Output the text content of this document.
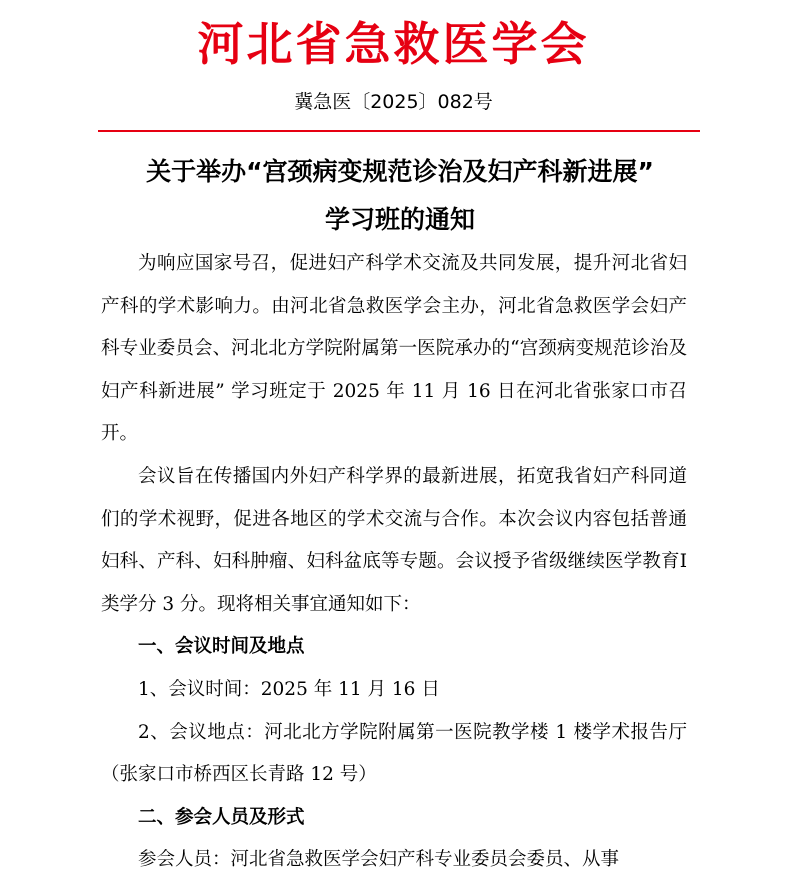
河北省急救医学会
冀急医〔2025〕082号
关于举办“宫颈病变规范诊治及妇产科新进展”
学习班的通知

为响应国家号召，促进妇产科学术交流及共同发展，提升河北省妇产科的学术影响力。由河北省急救医学会主办，河北省急救医学会妇产科专业委员会、河北北方学院附属第一医院承办的“宫颈病变规范诊治及妇产科新进展” 学习班定于 2025 年 11 月 16 日在河北省张家口市召开。

会议旨在传播国内外妇产科学界的最新进展，拓宽我省妇产科同道们的学术视野，促进各地区的学术交流与合作。本次会议内容包括普通妇科、产科、妇科肿瘤、妇科盆底等专题。会议授予省级继续医学教育Ⅰ类学分 3 分。现将相关事宜通知如下：

一、会议时间及地点

1、会议时间：2025 年 11 月 16 日

2、会议地点：河北北方学院附属第一医院教学楼 1 楼学术报告厅（张家口市桥西区长青路 12 号）

二、参会人员及形式

参会人员：河北省急救医学会妇产科专业委员会委员、从事
